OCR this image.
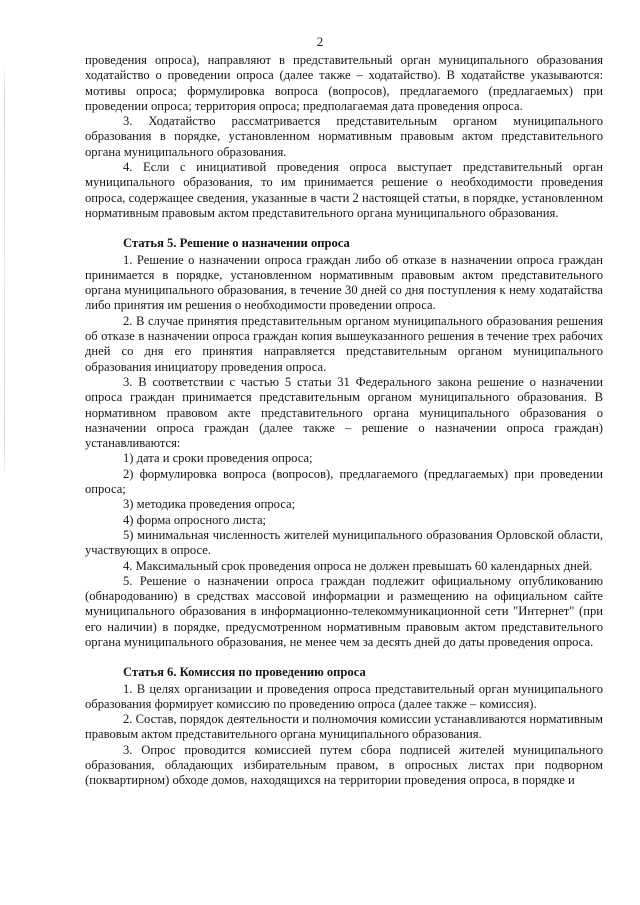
2

проведения опроса), направляют в представительный орган муниципального образования ходатайство о проведении опроса (далее также – ходатайство). В ходатайстве указываются: мотивы опроса; формулировка вопроса (вопросов), предлагаемого (предлагаемых) при проведении опроса; территория опроса; предполагаемая дата проведения опроса.

3. Ходатайство рассматривается представительным органом муниципального образования в порядке, установленном нормативным правовым актом представительного органа муниципального образования.

4. Если с инициативой проведения опроса выступает представительный орган муниципального образования, то им принимается решение о необходимости проведения опроса, содержащее сведения, указанные в части 2 настоящей статьи, в порядке, установленном нормативным правовым актом представительного органа муниципального образования.

Статья 5. Решение о назначении опроса

1. Решение о назначении опроса граждан либо об отказе в назначении опроса граждан принимается в порядке, установленном нормативным правовым актом представительного органа муниципального образования, в течение 30 дней со дня поступления к нему ходатайства либо принятия им решения о необходимости проведении опроса.

2. В случае принятия представительным органом муниципального образования решения об отказе в назначении опроса граждан копия вышеуказанного решения в течение трех рабочих дней со дня его принятия направляется представительным органом муниципального образования инициатору проведения опроса.

3. В соответствии с частью 5 статьи 31 Федерального закона решение о назначении опроса граждан принимается представительным органом муниципального образования. В нормативном правовом акте представительного органа муниципального образования о назначении опроса граждан (далее также – решение о назначении опроса граждан) устанавливаются:

1) дата и сроки проведения опроса;

2) формулировка вопроса (вопросов), предлагаемого (предлагаемых) при проведении опроса;

3) методика проведения опроса;

4) форма опросного листа;

5) минимальная численность жителей муниципального образования Орловской области, участвующих в опросе.

4. Максимальный срок проведения опроса не должен превышать 60 календарных дней.

5. Решение о назначении опроса граждан подлежит официальному опубликованию (обнародованию) в средствах массовой информации и размещению на официальном сайте муниципального образования в информационно-телекоммуникационной сети "Интернет" (при его наличии) в порядке, предусмотренном нормативным правовым актом представительного органа муниципального образования, не менее чем за десять дней до даты проведения опроса.

Статья 6. Комиссия по проведению опроса

1. В целях организации и проведения опроса представительный орган муниципального образования формирует комиссию по проведению опроса (далее также – комиссия).

2. Состав, порядок деятельности и полномочия комиссии устанавливаются нормативным правовым актом представительного органа муниципального образования.

3. Опрос проводится комиссией путем сбора подписей жителей муниципального образования, обладающих избирательным правом, в опросных листах при подворном (поквартирном) обходе домов, находящихся на территории проведения опроса, в порядке и
